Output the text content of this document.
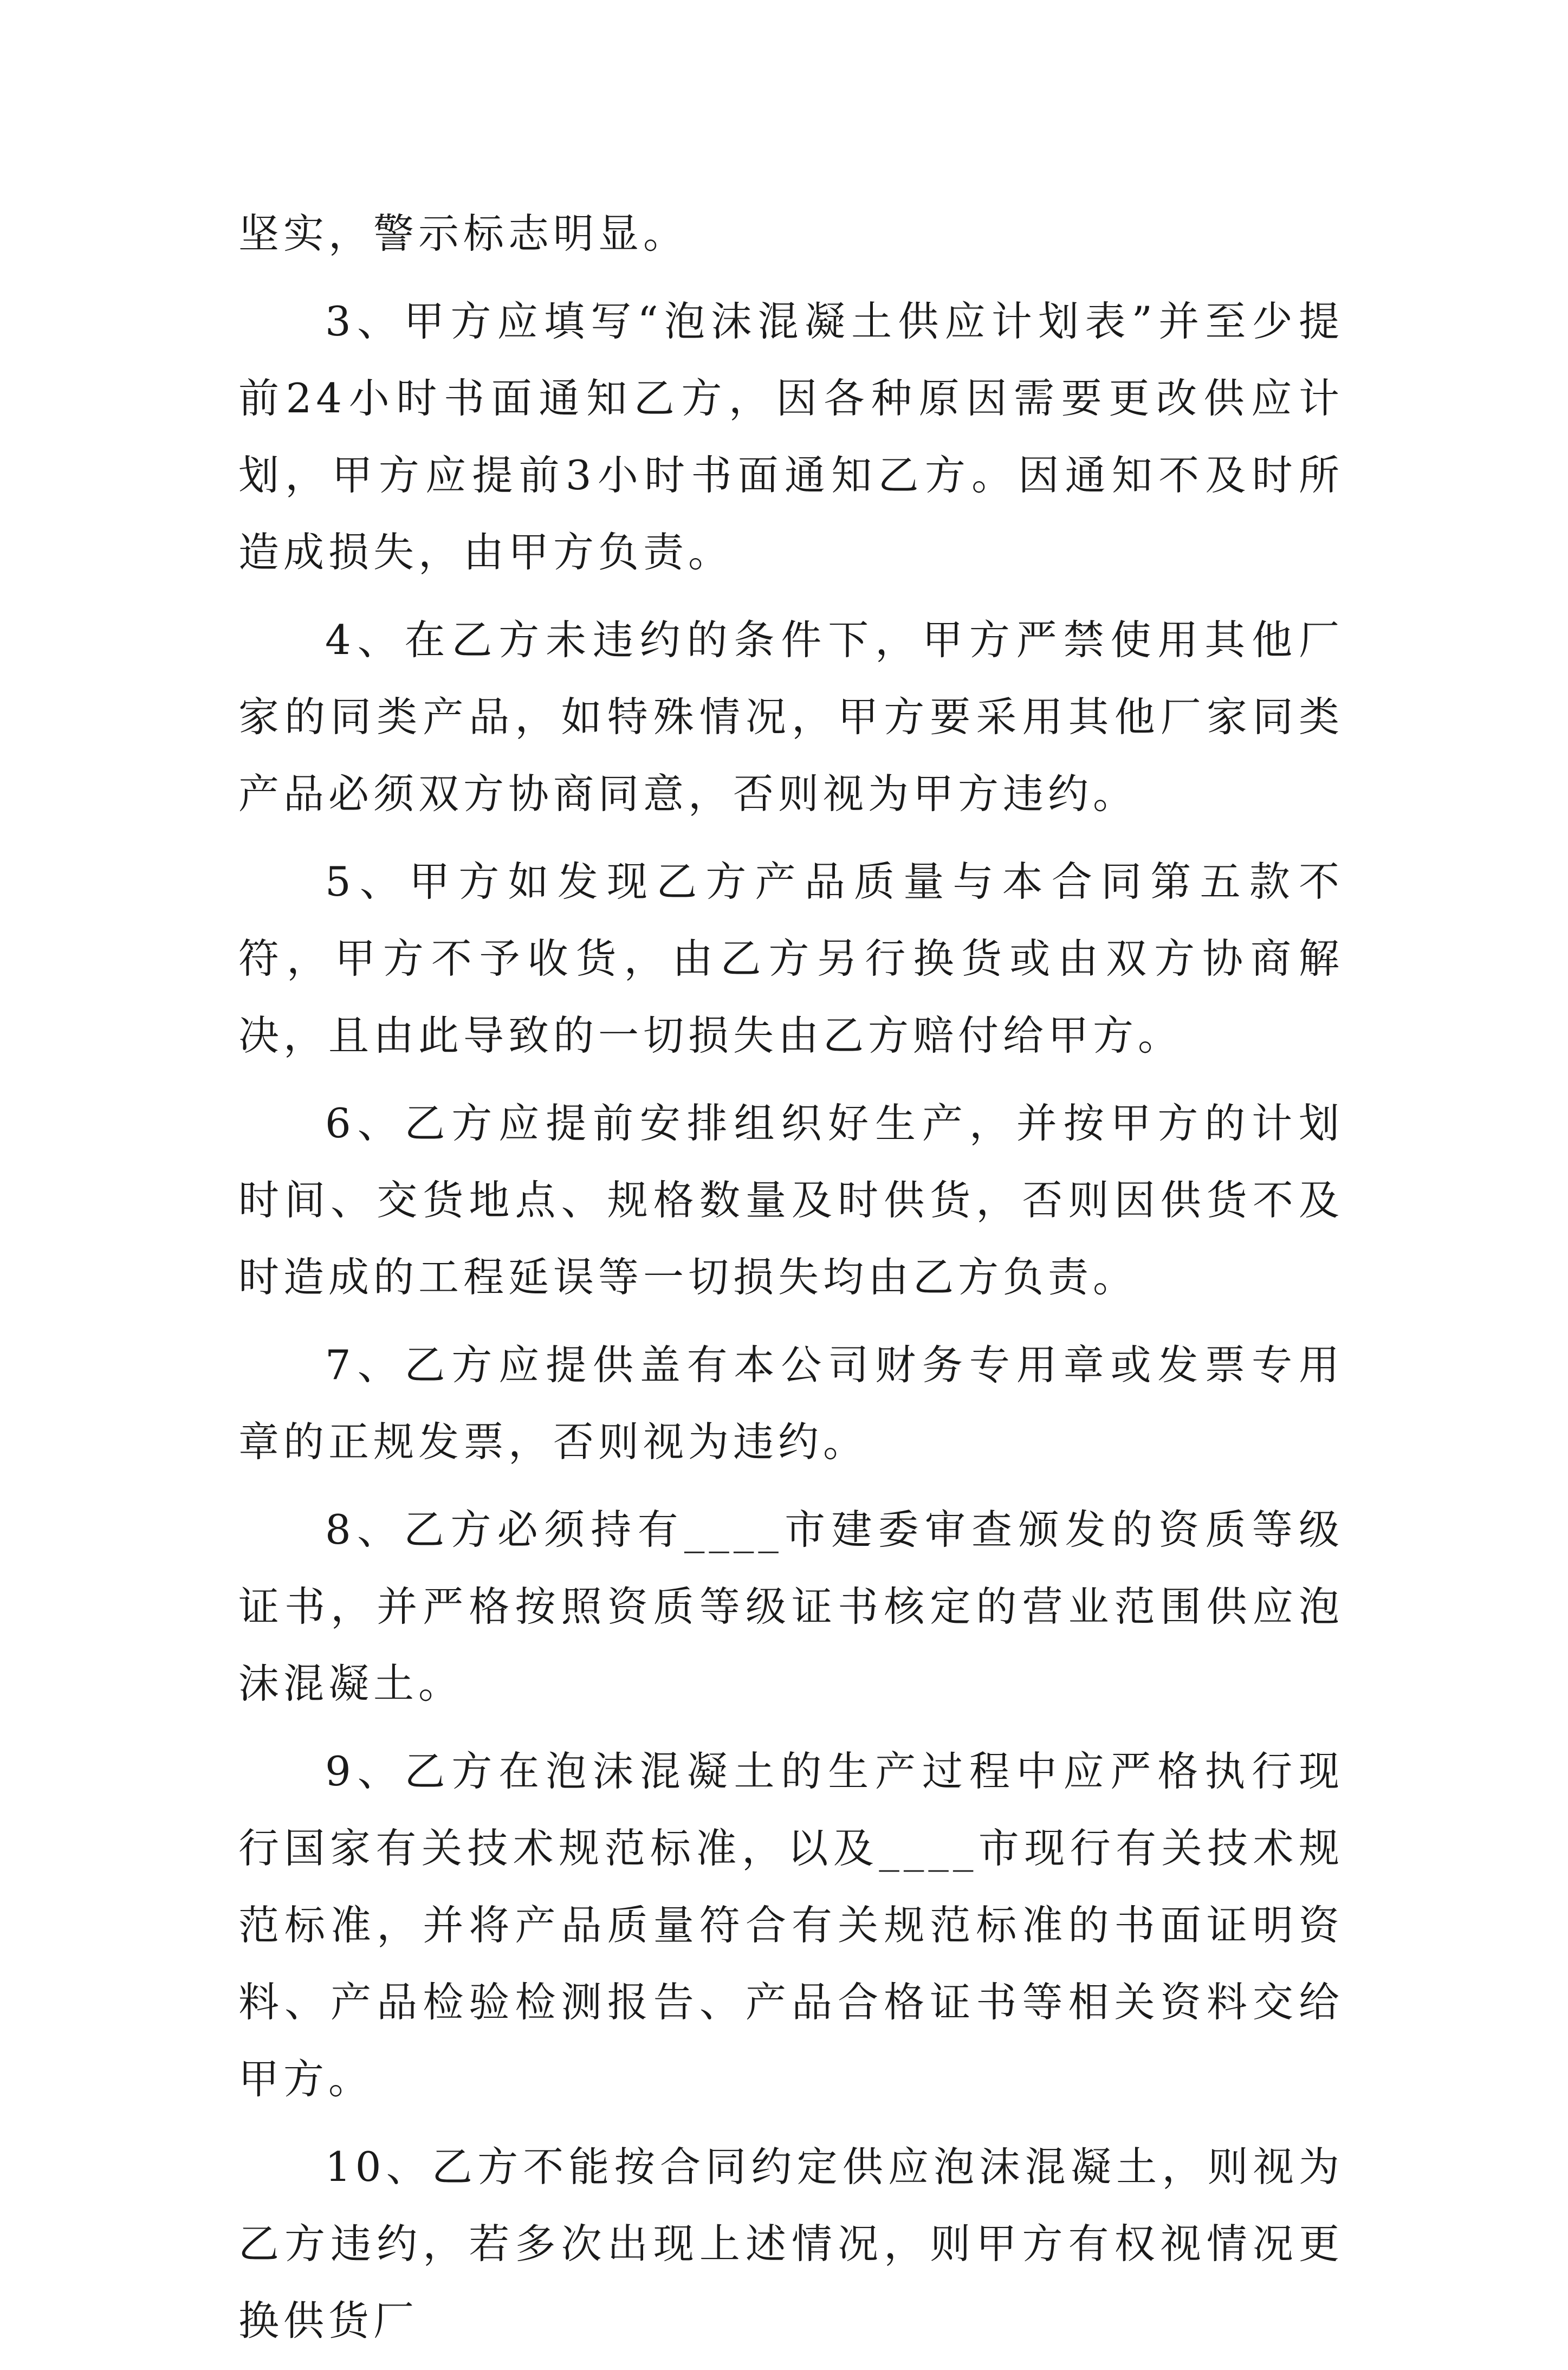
坚实，警示标志明显。

3、甲方应填写“泡沫混凝土供应计划表”并至少提前24小时书面通知乙方，因各种原因需要更改供应计划，甲方应提前3小时书面通知乙方。因通知不及时所造成损失，由甲方负责。

4、在乙方未违约的条件下，甲方严禁使用其他厂家的同类产品，如特殊情况，甲方要采用其他厂家同类产品必须双方协商同意，否则视为甲方违约。

5、甲方如发现乙方产品质量与本合同第五款不符，甲方不予收货，由乙方另行换货或由双方协商解决，且由此导致的一切损失由乙方赔付给甲方。

6、乙方应提前安排组织好生产，并按甲方的计划时间、交货地点、规格数量及时供货，否则因供货不及时造成的工程延误等一切损失均由乙方负责。

7、乙方应提供盖有本公司财务专用章或发票专用章的正规发票，否则视为违约。

8、乙方必须持有____市建委审查颁发的资质等级证书，并严格按照资质等级证书核定的营业范围供应泡沫混凝土。

9、乙方在泡沫混凝土的生产过程中应严格执行现行国家有关技术规范标准，以及____市现行有关技术规范标准，并将产品质量符合有关规范标准的书面证明资料、产品检验检测报告、产品合格证书等相关资料交给甲方。

10、乙方不能按合同约定供应泡沫混凝土，则视为乙方违约，若多次出现上述情况，则甲方有权视情况更换供货厂
